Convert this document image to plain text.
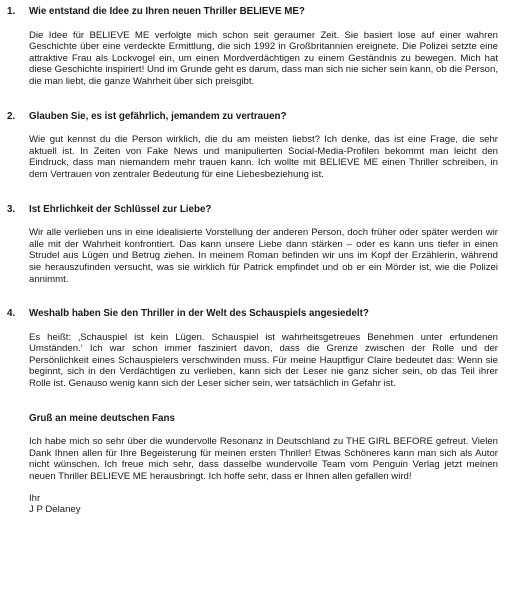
1.	Wie entstand die Idee zu Ihren neuen Thriller BELIEVE ME?
Die Idee für BELIEVE ME verfolgte mich schon seit geraumer Zeit. Sie basiert lose auf einer wahren Geschichte über eine verdeckte Ermittlung, die sich 1992 in Großbritannien ereignete. Die Polizei setzte eine attraktive Frau als Lockvogel ein, um einen Mordverdächtigen zu einem Geständnis zu bewegen. Mich hat diese Geschichte inspiriert! Und im Grunde geht es darum, dass man sich nie sicher sein kann, ob die Person, die man liebt, die ganze Wahrheit über sich preisgibt.
2.	Glauben Sie, es ist gefährlich, jemandem zu vertrauen?
Wie gut kennst du die Person wirklich, die du am meisten liebst? Ich denke, das ist eine Frage, die sehr aktuell ist. In Zeiten von Fake News und manipulierten Social-Media-Profilen bekommt man leicht den Eindruck, dass man niemandem mehr trauen kann. Ich wollte mit BELIEVE ME einen Thriller schreiben, in dem Vertrauen von zentraler Bedeutung für eine Liebesbeziehung ist.
3.	Ist Ehrlichkeit der Schlüssel zur Liebe?
Wir alle verlieben uns in eine idealisierte Vorstellung der anderen Person, doch früher oder später werden wir alle mit der Wahrheit konfrontiert. Das kann unsere Liebe dann stärken – oder es kann uns tiefer in einen Strudel aus Lügen und Betrug ziehen. In meinem Roman befinden wir uns im Kopf der Erzählerin, während sie herauszufinden versucht, was sie wirklich für Patrick empfindet und ob er ein Mörder ist, wie die Polizei annimmt.
4.	Weshalb haben Sie den Thriller in der Welt des Schauspiels angesiedelt?
Es heißt: ‚Schauspiel ist kein Lügen. Schauspiel ist wahrheitsgetreues Benehmen unter erfundenen Umständen.‘ Ich war schon immer fasziniert davon, dass die Grenze zwischen der Rolle und der Persönlichkeit eines Schauspielers verschwinden muss. Für meine Hauptfigur Claire bedeutet das: Wenn sie beginnt, sich in den Verdächtigen zu verlieben, kann sich der Leser nie ganz sicher sein, ob das Teil ihrer Rolle ist. Genauso wenig kann sich der Leser sicher sein, wer tatsächlich in Gefahr ist.
Gruß an meine deutschen Fans
Ich habe mich so sehr über die wundervolle Resonanz in Deutschland zu THE GIRL BEFORE gefreut. Vielen Dank Ihnen allen für Ihre Begeisterung für meinen ersten Thriller! Etwas Schöneres kann man sich als Autor nicht wünschen. Ich freue mich sehr, dass dasselbe wundervolle Team vom Penguin Verlag jetzt meinen neuen Thriller BELIEVE ME herausbringt. Ich hoffe sehr, dass er Ihnen allen gefallen wird!
Ihr
J P Delaney
